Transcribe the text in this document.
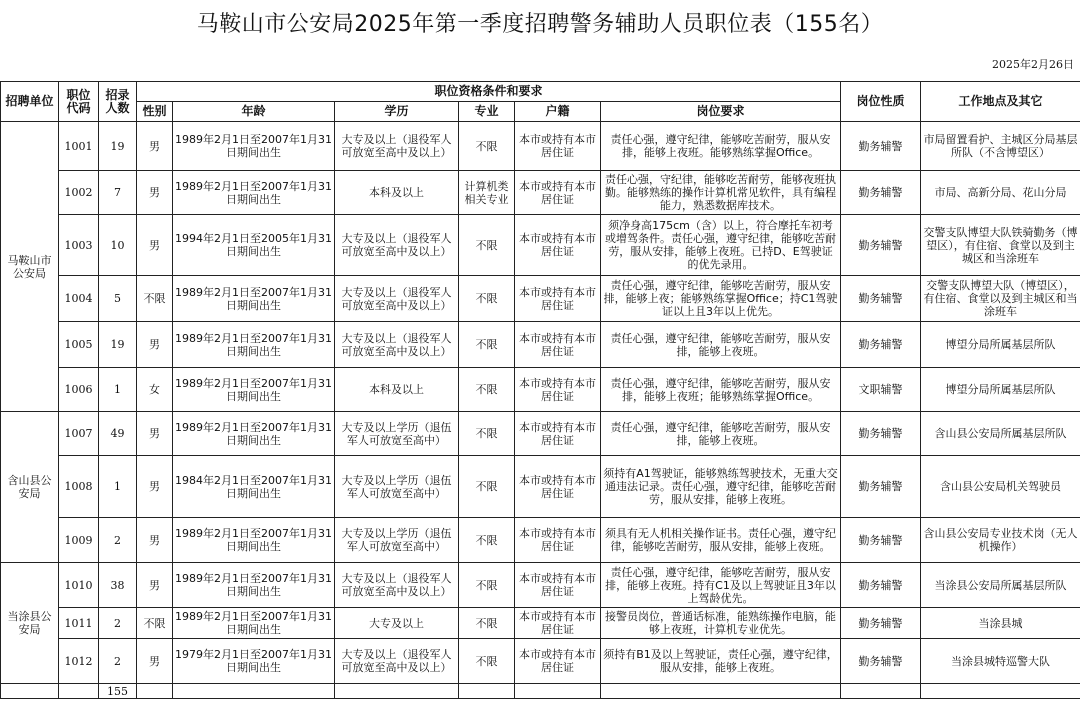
马鞍山市公安局2025年第一季度招聘警务辅助人员职位表（155名）
2025年2月26日
招聘单位	职位代码	招录人数	职位资格条件和要求						岗位性质	工作地点及其它
			性别	年龄	学历	专业	户籍	岗位要求		
马鞍山市公安局	1001	19	男	1989年2月1日至2007年1月31日期间出生	大专及以上（退役军人可放宽至高中及以上）	不限	本市或持有本市居住证	责任心强，遵守纪律，能够吃苦耐劳，服从安排，能够上夜班。能够熟练掌握Office。	勤务辅警	市局留置看护、主城区分局基层所队（不含博望区）
	1002	7	男	1989年2月1日至2007年1月31日期间出生	本科及以上	计算机类相关专业	本市或持有本市居住证	责任心强，守纪律，能够吃苦耐劳，能够夜班执勤。能够熟练的操作计算机常见软件，具有编程能力，熟悉数据库技术。	勤务辅警	市局、高新分局、花山分局
	1003	10	男	1994年2月1日至2005年1月31日期间出生	大专及以上（退役军人可放宽至高中及以上）	不限	本市或持有本市居住证	须净身高175cm（含）以上，符合摩托车初考或增驾条件。责任心强，遵守纪律，能够吃苦耐劳，服从安排，能够上夜班。已持D、E驾驶证的优先录用。	勤务辅警	交警支队博望大队铁骑勤务（博望区），有住宿、食堂以及到主城区和当涂班车
	1004	5	不限	1989年2月1日至2007年1月31日期间出生	大专及以上（退役军人可放宽至高中及以上）	不限	本市或持有本市居住证	责任心强，遵守纪律，能够吃苦耐劳，服从安排，能够上夜；能够熟练掌握Office；持C1驾驶证以上且3年以上优先。	勤务辅警	交警支队博望大队（博望区），有住宿、食堂以及到主城区和当涂班车
	1005	19	男	1989年2月1日至2007年1月31日期间出生	大专及以上（退役军人可放宽至高中及以上）	不限	本市或持有本市居住证	责任心强，遵守纪律，能够吃苦耐劳，服从安排，能够上夜班。	勤务辅警	博望分局所属基层所队
	1006	1	女	1989年2月1日至2007年1月31日期间出生	本科及以上	不限	本市或持有本市居住证	责任心强，遵守纪律，能够吃苦耐劳，服从安排，能够上夜班；能够熟练掌握Office。	文职辅警	博望分局所属基层所队
含山县公安局	1007	49	男	1989年2月1日至2007年1月31日期间出生	大专及以上学历（退伍军人可放宽至高中）	不限	本市或持有本市居住证	责任心强，遵守纪律，能够吃苦耐劳，服从安排，能够上夜班。	勤务辅警	含山县公安局所属基层所队
	1008	1	男	1984年2月1日至2007年1月31日期间出生	大专及以上学历（退伍军人可放宽至高中）	不限	本市或持有本市居住证	须持有A1驾驶证，能够熟练驾驶技术，无重大交通违法记录。责任心强，遵守纪律，能够吃苦耐劳，服从安排，能够上夜班。	勤务辅警	含山县公安局机关驾驶员
	1009	2	男	1989年2月1日至2007年1月31日期间出生	大专及以上学历（退伍军人可放宽至高中）	不限	本市或持有本市居住证	须具有无人机相关操作证书。责任心强，遵守纪律，能够吃苦耐劳，服从安排，能够上夜班。	勤务辅警	含山县公安局专业技术岗（无人机操作）
当涂县公安局	1010	38	男	1989年2月1日至2007年1月31日期间出生	大专及以上（退役军人可放宽至高中及以上）	不限	本市或持有本市居住证	责任心强，遵守纪律，能够吃苦耐劳，服从安排，能够上夜班。持有C1及以上驾驶证且3年以上驾龄优先。	勤务辅警	当涂县公安局所属基层所队
	1011	2	不限	1989年2月1日至2007年1月31日期间出生	大专及以上	不限	本市或持有本市居住证	接警员岗位，普通话标准，能熟练操作电脑，能够上夜班，计算机专业优先。	勤务辅警	当涂县城
	1012	2	男	1979年2月1日至2007年1月31日期间出生	大专及以上（退役军人可放宽至高中及以上）	不限	本市或持有本市居住证	须持有B1及以上驾驶证，责任心强，遵守纪律，服从安排，能够上夜班。	勤务辅警	当涂县城特巡警大队
		155								
